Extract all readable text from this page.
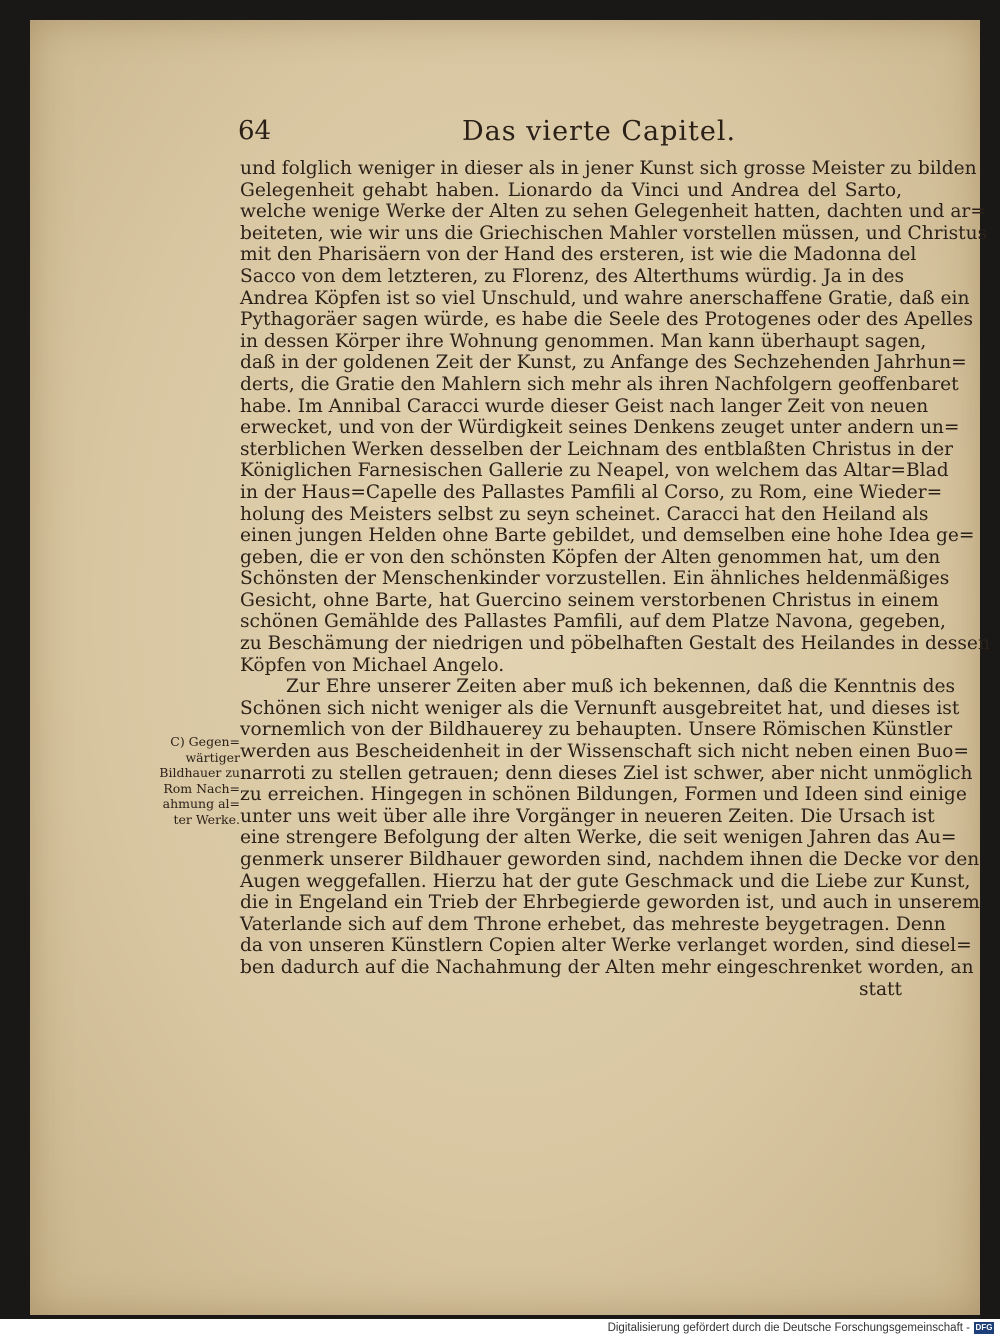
64	Das vierte Capitel.
und folglich weniger in dieser als in jener Kunst sich grosse Meister zu bilden
Gelegenheit gehabt haben. Lionardo da Vinci und Andrea del Sarto,
welche wenige Werke der Alten zu sehen Gelegenheit hatten, dachten und ar=
beiteten, wie wir uns die Griechischen Mahler vorstellen müssen, und Christus
mit den Pharisäern von der Hand des ersteren, ist wie die Madonna del
Sacco von dem letzteren, zu Florenz, des Alterthums würdig. Ja in des
Andrea Köpfen ist so viel Unschuld, und wahre anerschaffene Gratie, daß ein
Pythagoräer sagen würde, es habe die Seele des Protogenes oder des Apelles
in dessen Körper ihre Wohnung genommen. Man kann überhaupt sagen,
daß in der goldenen Zeit der Kunst, zu Anfange des Sechzehenden Jahrhun=
derts, die Gratie den Mahlern sich mehr als ihren Nachfolgern geoffenbaret
habe. Im Annibal Caracci wurde dieser Geist nach langer Zeit von neuen
erwecket, und von der Würdigkeit seines Denkens zeuget unter andern un=
sterblichen Werken desselben der Leichnam des entblaßten Christus in der
Königlichen Farnesischen Gallerie zu Neapel, von welchem das Altar=Blad
in der Haus=Capelle des Pallastes Pamfili al Corso, zu Rom, eine Wieder=
holung des Meisters selbst zu seyn scheinet. Caracci hat den Heiland als
einen jungen Helden ohne Barte gebildet, und demselben eine hohe Idea ge=
geben, die er von den schönsten Köpfen der Alten genommen hat, um den
Schönsten der Menschenkinder vorzustellen. Ein ähnliches heldenmäßiges
Gesicht, ohne Barte, hat Guercino seinem verstorbenen Christus in einem
schönen Gemählde des Pallastes Pamfili, auf dem Platze Navona, gegeben,
zu Beschämung der niedrigen und pöbelhaften Gestalt des Heilandes in dessen
Köpfen von Michael Angelo.
Zur Ehre unserer Zeiten aber muß ich bekennen, daß die Kenntnis des
Schönen sich nicht weniger als die Vernunft ausgebreitet hat, und dieses ist
vornemlich von der Bildhauerey zu behaupten. Unsere Römischen Künstler
werden aus Bescheidenheit in der Wissenschaft sich nicht neben einen Buo=
narroti zu stellen getrauen; denn dieses Ziel ist schwer, aber nicht unmöglich
zu erreichen. Hingegen in schönen Bildungen, Formen und Ideen sind einige
unter uns weit über alle ihre Vorgänger in neueren Zeiten. Die Ursach ist
eine strengere Befolgung der alten Werke, die seit wenigen Jahren das Au=
genmerk unserer Bildhauer geworden sind, nachdem ihnen die Decke vor den
Augen weggefallen. Hierzu hat der gute Geschmack und die Liebe zur Kunst,
die in Engeland ein Trieb der Ehrbegierde geworden ist, und auch in unserem
Vaterlande sich auf dem Throne erhebet, das mehreste beygetragen. Denn
da von unseren Künstlern Copien alter Werke verlanget worden, sind diesel=
ben dadurch auf die Nachahmung der Alten mehr eingeschrenket worden, an
statt
C) Gegen=
wärtiger
Bildhauer zu
Rom Nach=
ahmung al=
ter Werke.
Digitalisierung gefördert durch die Deutsche Forschungsgemeinschaft - DFG
